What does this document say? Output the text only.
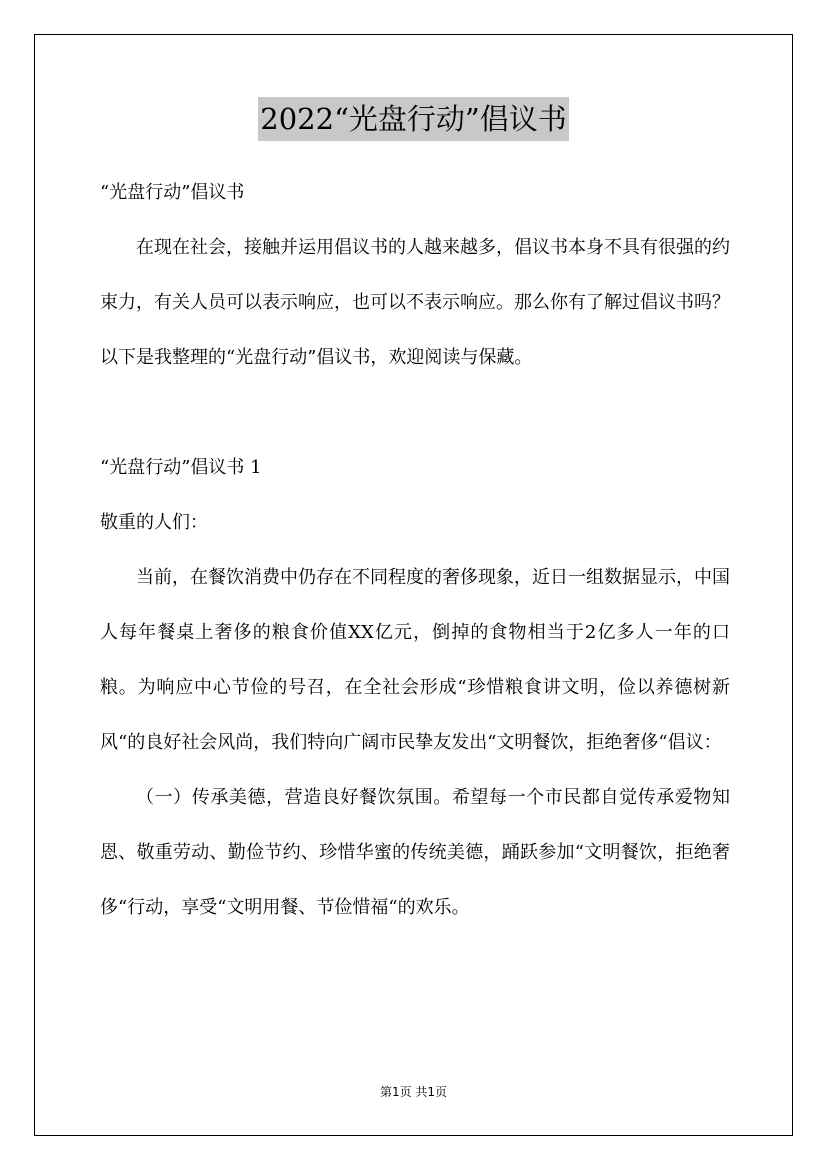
2022“光盘行动”倡议书

“光盘行动”倡议书

在现在社会，接触并运用倡议书的人越来越多，倡议书本身不具有很强的约束力，有关人员可以表示响应，也可以不表示响应。那么你有了解过倡议书吗？以下是我整理的“光盘行动”倡议书，欢迎阅读与保藏。

“光盘行动”倡议书 1

敬重的人们：

当前，在餐饮消费中仍存在不同程度的奢侈现象，近日一组数据显示，中国人每年餐桌上奢侈的粮食价值XX亿元，倒掉的食物相当于2亿多人一年的口粮。为响应中心节俭的号召，在全社会形成“珍惜粮食讲文明，俭以养德树新风“的良好社会风尚，我们特向广阔市民挚友发出“文明餐饮，拒绝奢侈“倡议：

（一）传承美德，营造良好餐饮氛围。希望每一个市民都自觉传承爱物知恩、敬重劳动、勤俭节约、珍惜华蜜的传统美德，踊跃参加“文明餐饮，拒绝奢侈“行动，享受“文明用餐、节俭惜福“的欢乐。

第1页 共1页
